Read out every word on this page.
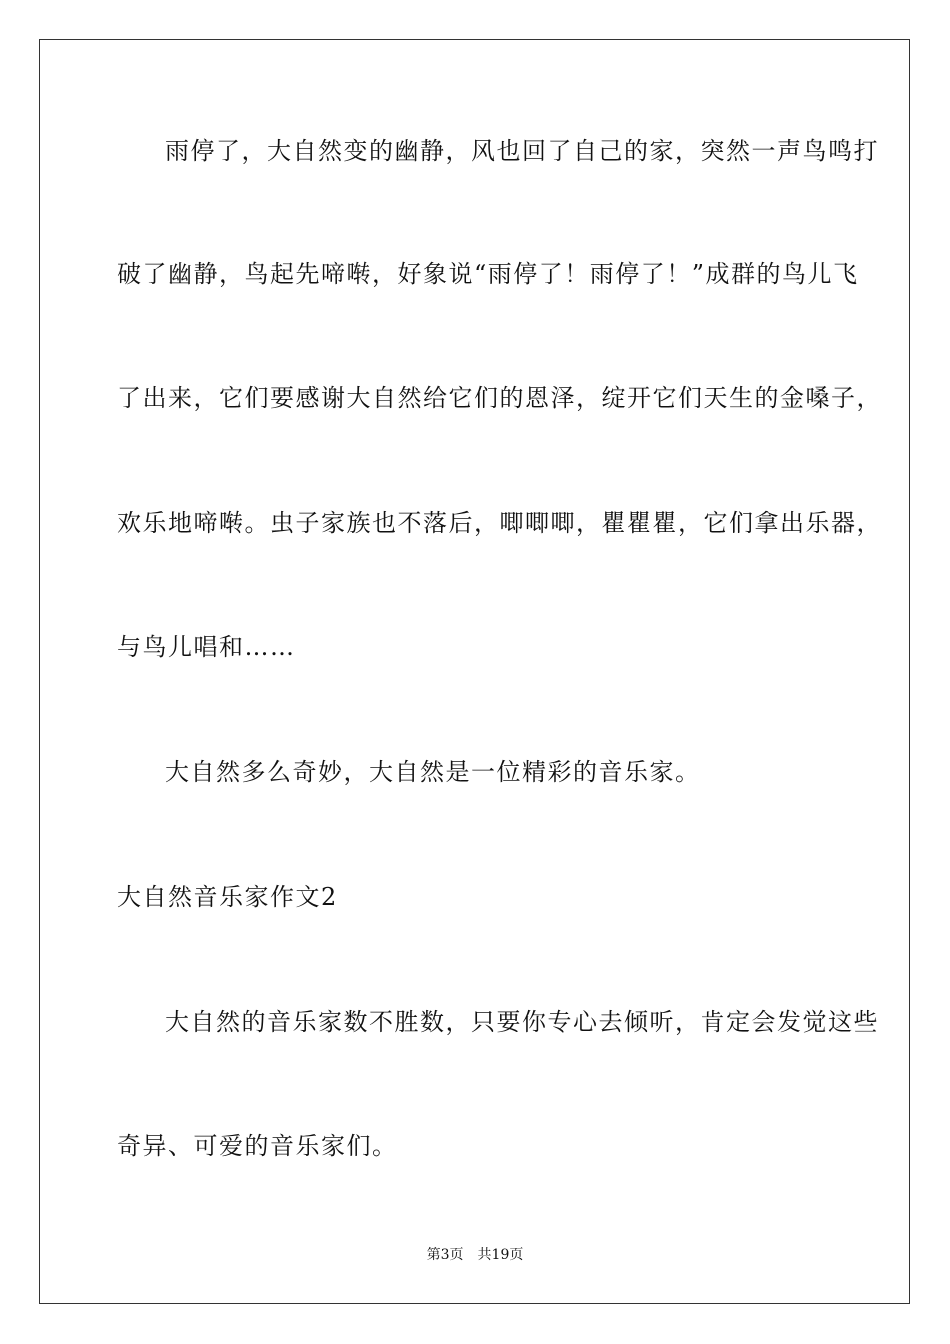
雨停了，大自然变的幽静，风也回了自己的家，突然一声鸟鸣打
破了幽静，鸟起先啼啭，好象说“雨停了！雨停了！”成群的鸟儿飞
了出来，它们要感谢大自然给它们的恩泽，绽开它们天生的金嗓子，
欢乐地啼啭。虫子家族也不落后，唧唧唧，瞿瞿瞿，它们拿出乐器，
与鸟儿唱和……
大自然多么奇妙，大自然是一位精彩的音乐家。
大自然音乐家作文2
大自然的音乐家数不胜数，只要你专心去倾听，肯定会发觉这些
奇异、可爱的音乐家们。
第3页 共19页
